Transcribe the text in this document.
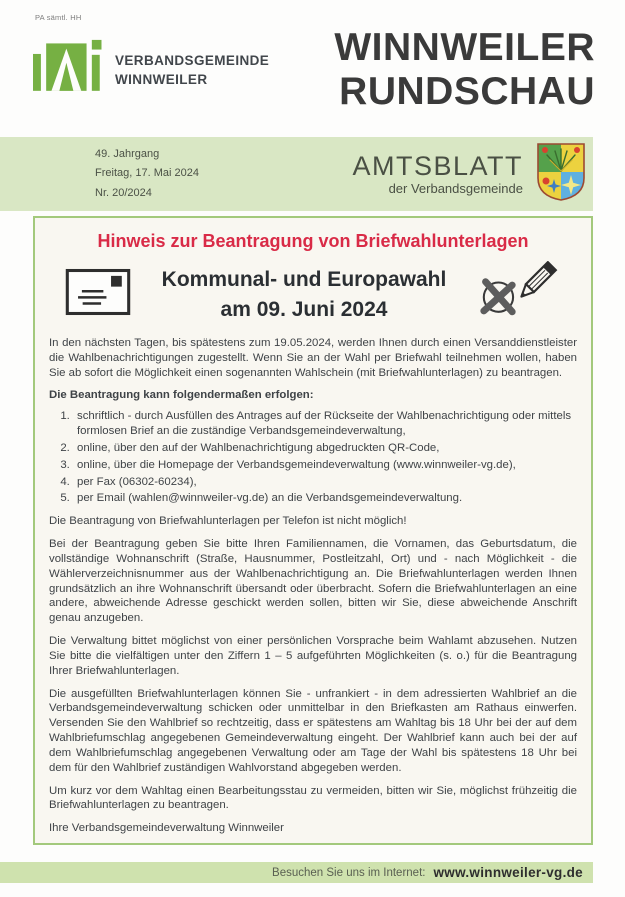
PA sämtl. HH
VERBANDSGEMEINDE
WINNWEILER
WINNWEILER
RUNDSCHAU
49. Jahrgang
Freitag, 17. Mai 2024
Nr. 20/2024
AMTSBLATT
der Verbandsgemeinde
Hinweis zur Beantragung von Briefwahlunterlagen
Kommunal- und Europawahl
am 09. Juni 2024

In den nächsten Tagen, bis spätestens zum 19.05.2024, werden Ihnen durch einen Versanddienstleister die Wahlbenachrichtigungen zugestellt. Wenn Sie an der Wahl per Briefwahl teilnehmen wollen, haben Sie ab sofort die Möglichkeit einen sogenannten Wahlschein (mit Briefwahlunterlagen) zu beantragen.

Die Beantragung kann folgendermaßen erfolgen:

1. schriftlich - durch Ausfüllen des Antrages auf der Rückseite der Wahlbenachrichtigung oder mittels formlosen Brief an die zuständige Verbandsgemeindeverwaltung,
2. online, über den auf der Wahlbenachrichtigung abgedruckten QR-Code,
3. online, über die Homepage der Verbandsgemeindeverwaltung (www.winnweiler-vg.de),
4. per Fax (06302-60234),
5. per Email (wahlen@winnweiler-vg.de) an die Verbandsgemeindeverwaltung.

Die Beantragung von Briefwahlunterlagen per Telefon ist nicht möglich!

Bei der Beantragung geben Sie bitte Ihren Familiennamen, die Vornamen, das Geburtsdatum, die vollständige Wohnanschrift (Straße, Hausnummer, Postleitzahl, Ort) und - nach Möglichkeit - die Wählerverzeichnisnummer aus der Wahlbenachrichtigung an. Die Briefwahlunterlagen werden Ihnen grundsätzlich an ihre Wohnanschrift übersandt oder überbracht. Sofern die Briefwahlunterlagen an eine andere, abweichende Adresse geschickt werden sollen, bitten wir Sie, diese abweichende Anschrift genau anzugeben.

Die Verwaltung bittet möglichst von einer persönlichen Vorsprache beim Wahlamt abzusehen. Nutzen Sie bitte die vielfältigen unter den Ziffern 1 – 5 aufgeführten Möglichkeiten (s. o.) für die Beantragung Ihrer Briefwahlunterlagen.

Die ausgefüllten Briefwahlunterlagen können Sie - unfrankiert - in dem adressierten Wahlbrief an die Verbandsgemeindeverwaltung schicken oder unmittelbar in den Briefkasten am Rathaus einwerfen. Versenden Sie den Wahlbrief so rechtzeitig, dass er spätestens am Wahltag bis 18 Uhr bei der auf dem Wahlbriefumschlag angegebenen Gemeindeverwaltung eingeht. Der Wahlbrief kann auch bei der auf dem Wahlbriefumschlag angegebenen Verwaltung oder am Tage der Wahl bis spätestens 18 Uhr bei dem für den Wahlbrief zuständigen Wahlvorstand abgegeben werden.

Um kurz vor dem Wahltag einen Bearbeitungsstau zu vermeiden, bitten wir Sie, möglichst frühzeitig die Briefwahlunterlagen zu beantragen.

Ihre Verbandsgemeindeverwaltung Winnweiler

Besuchen Sie uns im Internet: www.winnweiler-vg.de
